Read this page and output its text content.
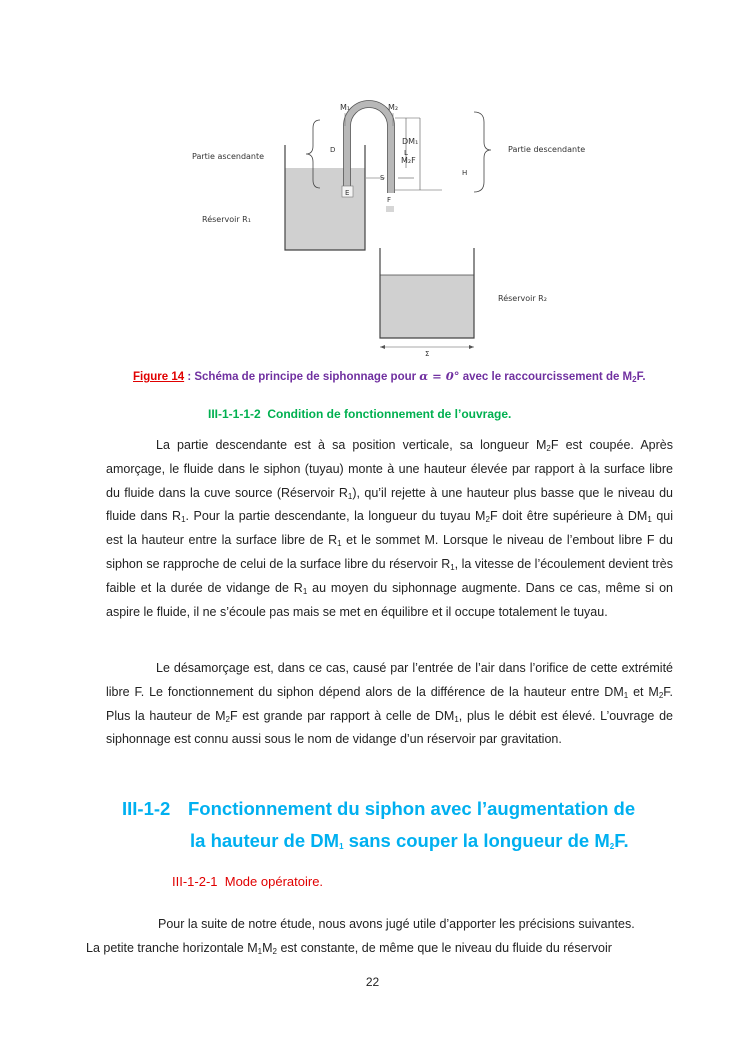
E
F
D
Partie ascendante
Partie descendante
M₁	M₂
DM₁
L
M₂F
H
S
Réservoir R₁
Réservoir R₂
Σ
Figure 14 : Schéma de principe de siphonnage pour α = 0° avec le raccourcissement de $M_2F$.
III-1-1-1-2 Condition de fonctionnement de l’ouvrage.

La partie descendante est à sa position verticale, sa longueur $M_2F$ est coupée. Après amorçage, le fluide dans le siphon (tuyau) monte à une hauteur élevée par rapport à la surface libre du fluide dans la cuve source (Réservoir $R_1$), qu’il rejette à une hauteur plus basse que le niveau du fluide dans $R_1$. Pour la partie descendante, la longueur du tuyau $M_2F$ doit être supérieure à $DM_1$ qui est la hauteur entre la surface libre de $R_1$ et le sommet M. Lorsque le niveau de l’embout libre F du siphon se rapproche de celui de la surface libre du réservoir $R_1$, la vitesse de l’écoulement devient très faible et la durée de vidange de $R_1$ au moyen du siphonnage augmente. Dans ce cas, même si on aspire le fluide, il ne s’écoule pas mais se met en équilibre et il occupe totalement le tuyau.

Le désamorçage est, dans ce cas, causé par l’entrée de l’air dans l’orifice de cette extrémité libre F. Le fonctionnement du siphon dépend alors de la différence de la hauteur entre $DM_1$ et $M_2F$. Plus la hauteur de $M_2F$ est grande par rapport à celle de $DM_1$, plus le débit est élevé. L’ouvrage de siphonnage est connu aussi sous le nom de vidange d’un réservoir par gravitation.

III-1-2 Fonctionnement du siphon avec l’augmentation de
la hauteur de $DM_1$ sans couper la longueur de $M_2F$.
III-1-2-1 Mode opératoire.
Pour la suite de notre étude, nous avons jugé utile d’apporter les précisions suivantes.
La petite tranche horizontale $M_1M_2$ est constante, de même que le niveau du fluide du réservoir
22
